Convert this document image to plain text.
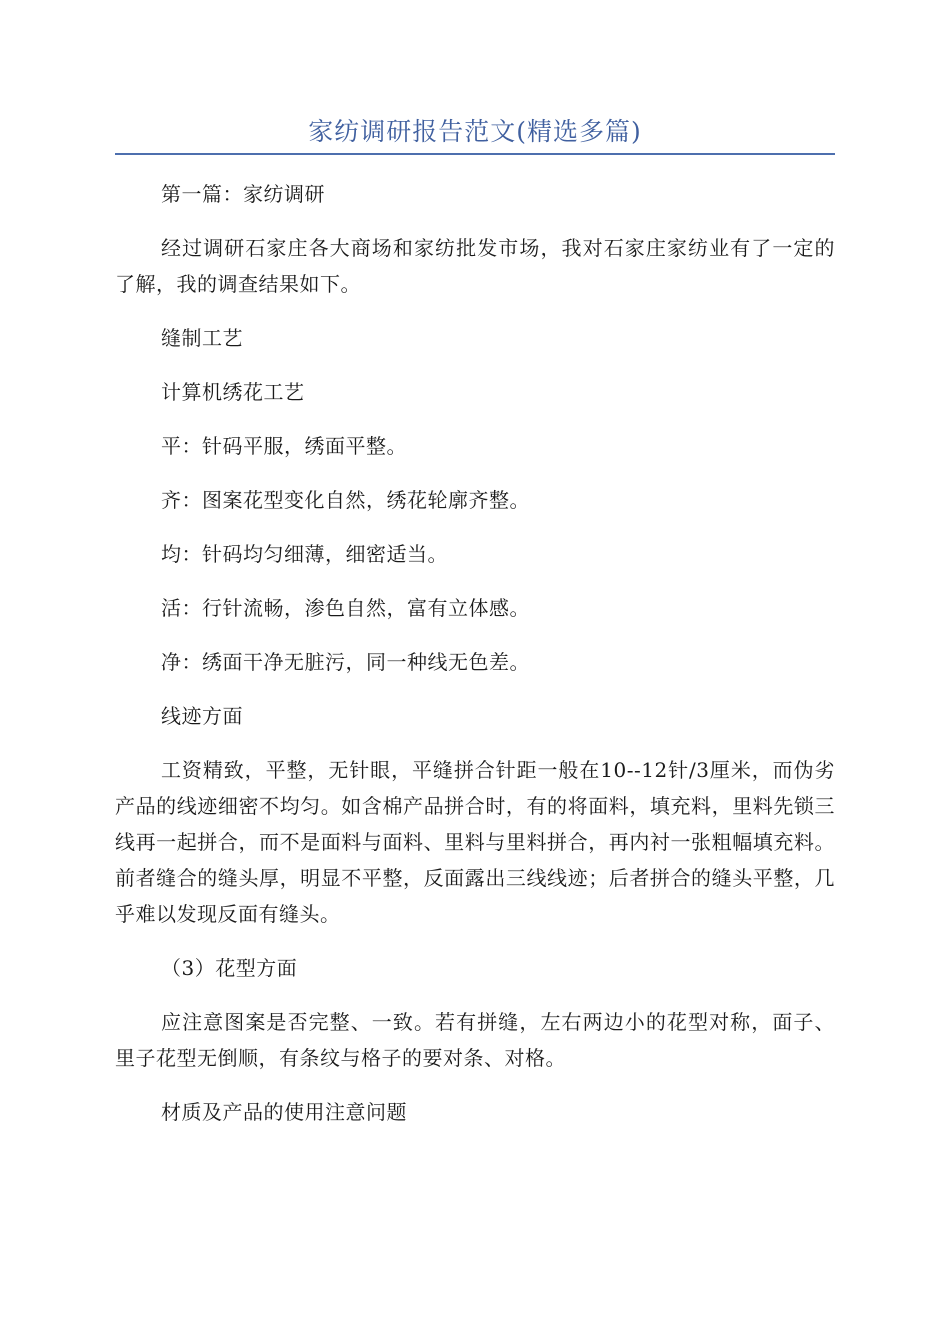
家纺调研报告范文(精选多篇)

第一篇：家纺调研

经过调研石家庄各大商场和家纺批发市场，我对石家庄家纺业有了一定的了解，我的调查结果如下。

缝制工艺

计算机绣花工艺

平：针码平服，绣面平整。

齐：图案花型变化自然，绣花轮廓齐整。

均：针码均匀细薄，细密适当。

活：行针流畅，渗色自然，富有立体感。

净：绣面干净无脏污，同一种线无色差。

线迹方面

工资精致，平整，无针眼，平缝拼合针距一般在10--12针/3厘米，而伪劣产品的线迹细密不均匀。如含棉产品拼合时，有的将面料，填充料，里料先锁三线再一起拼合，而不是面料与面料、里料与里料拼合，再内衬一张粗幅填充料。前者缝合的缝头厚，明显不平整，反面露出三线线迹；后者拼合的缝头平整，几乎难以发现反面有缝头。

（3）花型方面

应注意图案是否完整、一致。若有拼缝，左右两边小的花型对称，面子、里子花型无倒顺，有条纹与格子的要对条、对格。

材质及产品的使用注意问题
